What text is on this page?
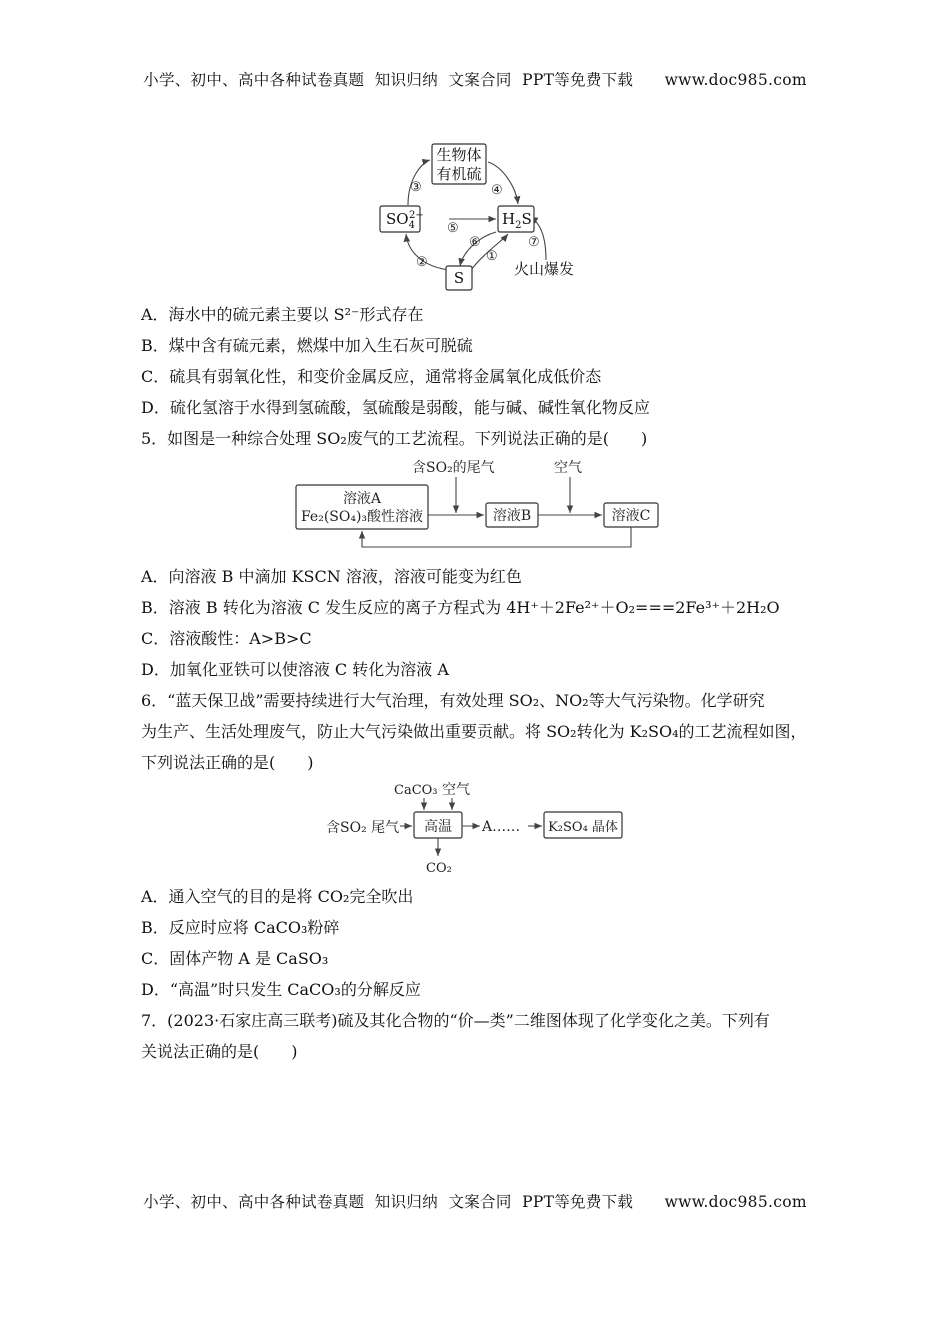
小学、初中、高中各种试卷真题  知识归纳  文案合同  PPT等免费下载      www.doc985.com
生物体
有机硫
$SO_42-$	$H_2S$
S	火山爆发
③	④
⑤
⑥
①
②
⑦
A．海水中的硫元素主要以 S²⁻形式存在
B．煤中含有硫元素，燃煤中加入生石灰可脱硫
C．硫具有弱氧化性，和变价金属反应，通常将金属氧化成低价态
D．硫化氢溶于水得到氢硫酸，氢硫酸是弱酸，能与碱、碱性氧化物反应
5．如图是一种综合处理 SO₂废气的工艺流程。下列说法正确的是(　　)
含SO₂的尾气	空气
溶液A
Fe₂(SO₄)₃酸性溶液	溶液B	溶液C
A．向溶液 B 中滴加 KSCN 溶液，溶液可能变为红色
B．溶液 B 转化为溶液 C 发生反应的离子方程式为 4H⁺＋2Fe²⁺＋O₂===2Fe³⁺＋2H₂O
C．溶液酸性：A>B>C
D．加氧化亚铁可以使溶液 C 转化为溶液 A
6．“蓝天保卫战”需要持续进行大气治理，有效处理 SO₂、NO₂等大气污染物。化学研究
为生产、生活处理废气，防止大气污染做出重要贡献。将 SO₂转化为 K₂SO₄的工艺流程如图，
下列说法正确的是(　　)
CaCO₃ 空气
含SO₂ 尾气 高温 A…… K₂SO₄ 晶体
CO₂
A．通入空气的目的是将 CO₂完全吹出
B．反应时应将 CaCO₃粉碎
C．固体产物 A 是 CaSO₃
D．“高温”时只发生 CaCO₃的分解反应
7．(2023·石家庄高三联考)硫及其化合物的“价—类”二维图体现了化学变化之美。下列有
关说法正确的是(　　)
小学、初中、高中各种试卷真题  知识归纳  文案合同  PPT等免费下载      www.doc985.com
